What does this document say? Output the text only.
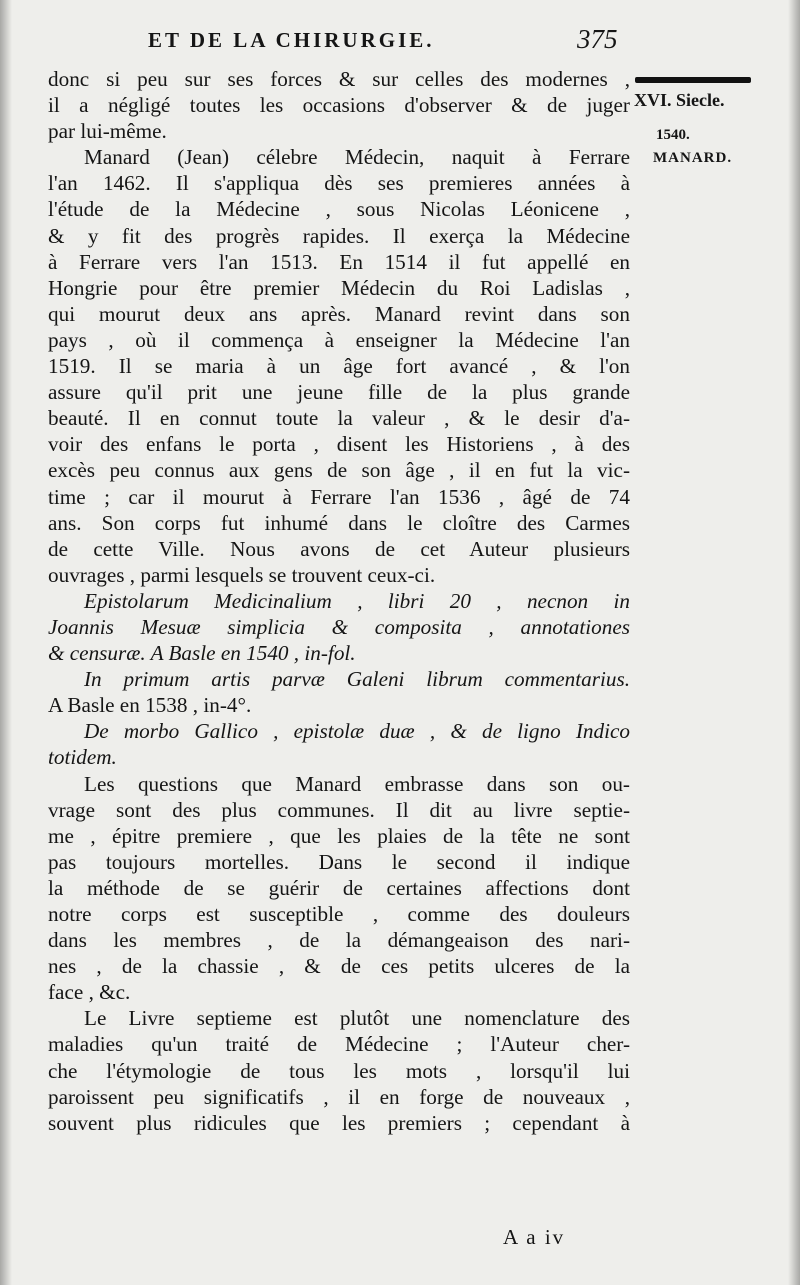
ET DE LA CHIRURGIE.	375
XVI. Siecle.
1540.
MANARD.
donc si peu sur ses forces & sur celles des modernes ,
il a négligé toutes les occasions d'observer & de juger
par lui-même.
Manard (Jean) célebre Médecin, naquit à Ferrare
l'an 1462. Il s'appliqua dès ses premieres années à
l'étude de la Médecine , sous Nicolas Léonicene ,
& y fit des progrès rapides. Il exerça la Médecine
à Ferrare vers l'an 1513. En 1514 il fut appellé en
Hongrie pour être premier Médecin du Roi Ladislas ,
qui mourut deux ans après. Manard revint dans son
pays , où il commença à enseigner la Médecine l'an
1519. Il se maria à un âge fort avancé , & l'on
assure qu'il prit une jeune fille de la plus grande
beauté. Il en connut toute la valeur , & le desir d'a-
voir des enfans le porta , disent les Historiens , à des
excès peu connus aux gens de son âge , il en fut la vic-
time ; car il mourut à Ferrare l'an 1536 , âgé de 74
ans. Son corps fut inhumé dans le cloître des Carmes
de cette Ville. Nous avons de cet Auteur plusieurs
ouvrages , parmi lesquels se trouvent ceux-ci.
Epistolarum Medicinalium , libri 20 , necnon in
Joannis Mesuæ simplicia & composita , annotationes
& censuræ. A Basle en 1540 , in-fol.
In primum artis parvæ Galeni librum commentarius.
A Basle en 1538 , in-4°.
De morbo Gallico , epistolæ duæ , & de ligno Indico
totidem.
Les questions que Manard embrasse dans son ou-
vrage sont des plus communes. Il dit au livre septie-
me , épitre premiere , que les plaies de la tête ne sont
pas toujours mortelles. Dans le second il indique
la méthode de se guérir de certaines affections dont
notre corps est susceptible , comme des douleurs
dans les membres , de la démangeaison des nari-
nes , de la chassie , & de ces petits ulceres de la
face , &c.
Le Livre septieme est plutôt une nomenclature des
maladies qu'un traité de Médecine ; l'Auteur cher-
che l'étymologie de tous les mots , lorsqu'il lui
paroissent peu significatifs , il en forge de nouveaux ,
souvent plus ridicules que les premiers ; cependant à
A a iv
